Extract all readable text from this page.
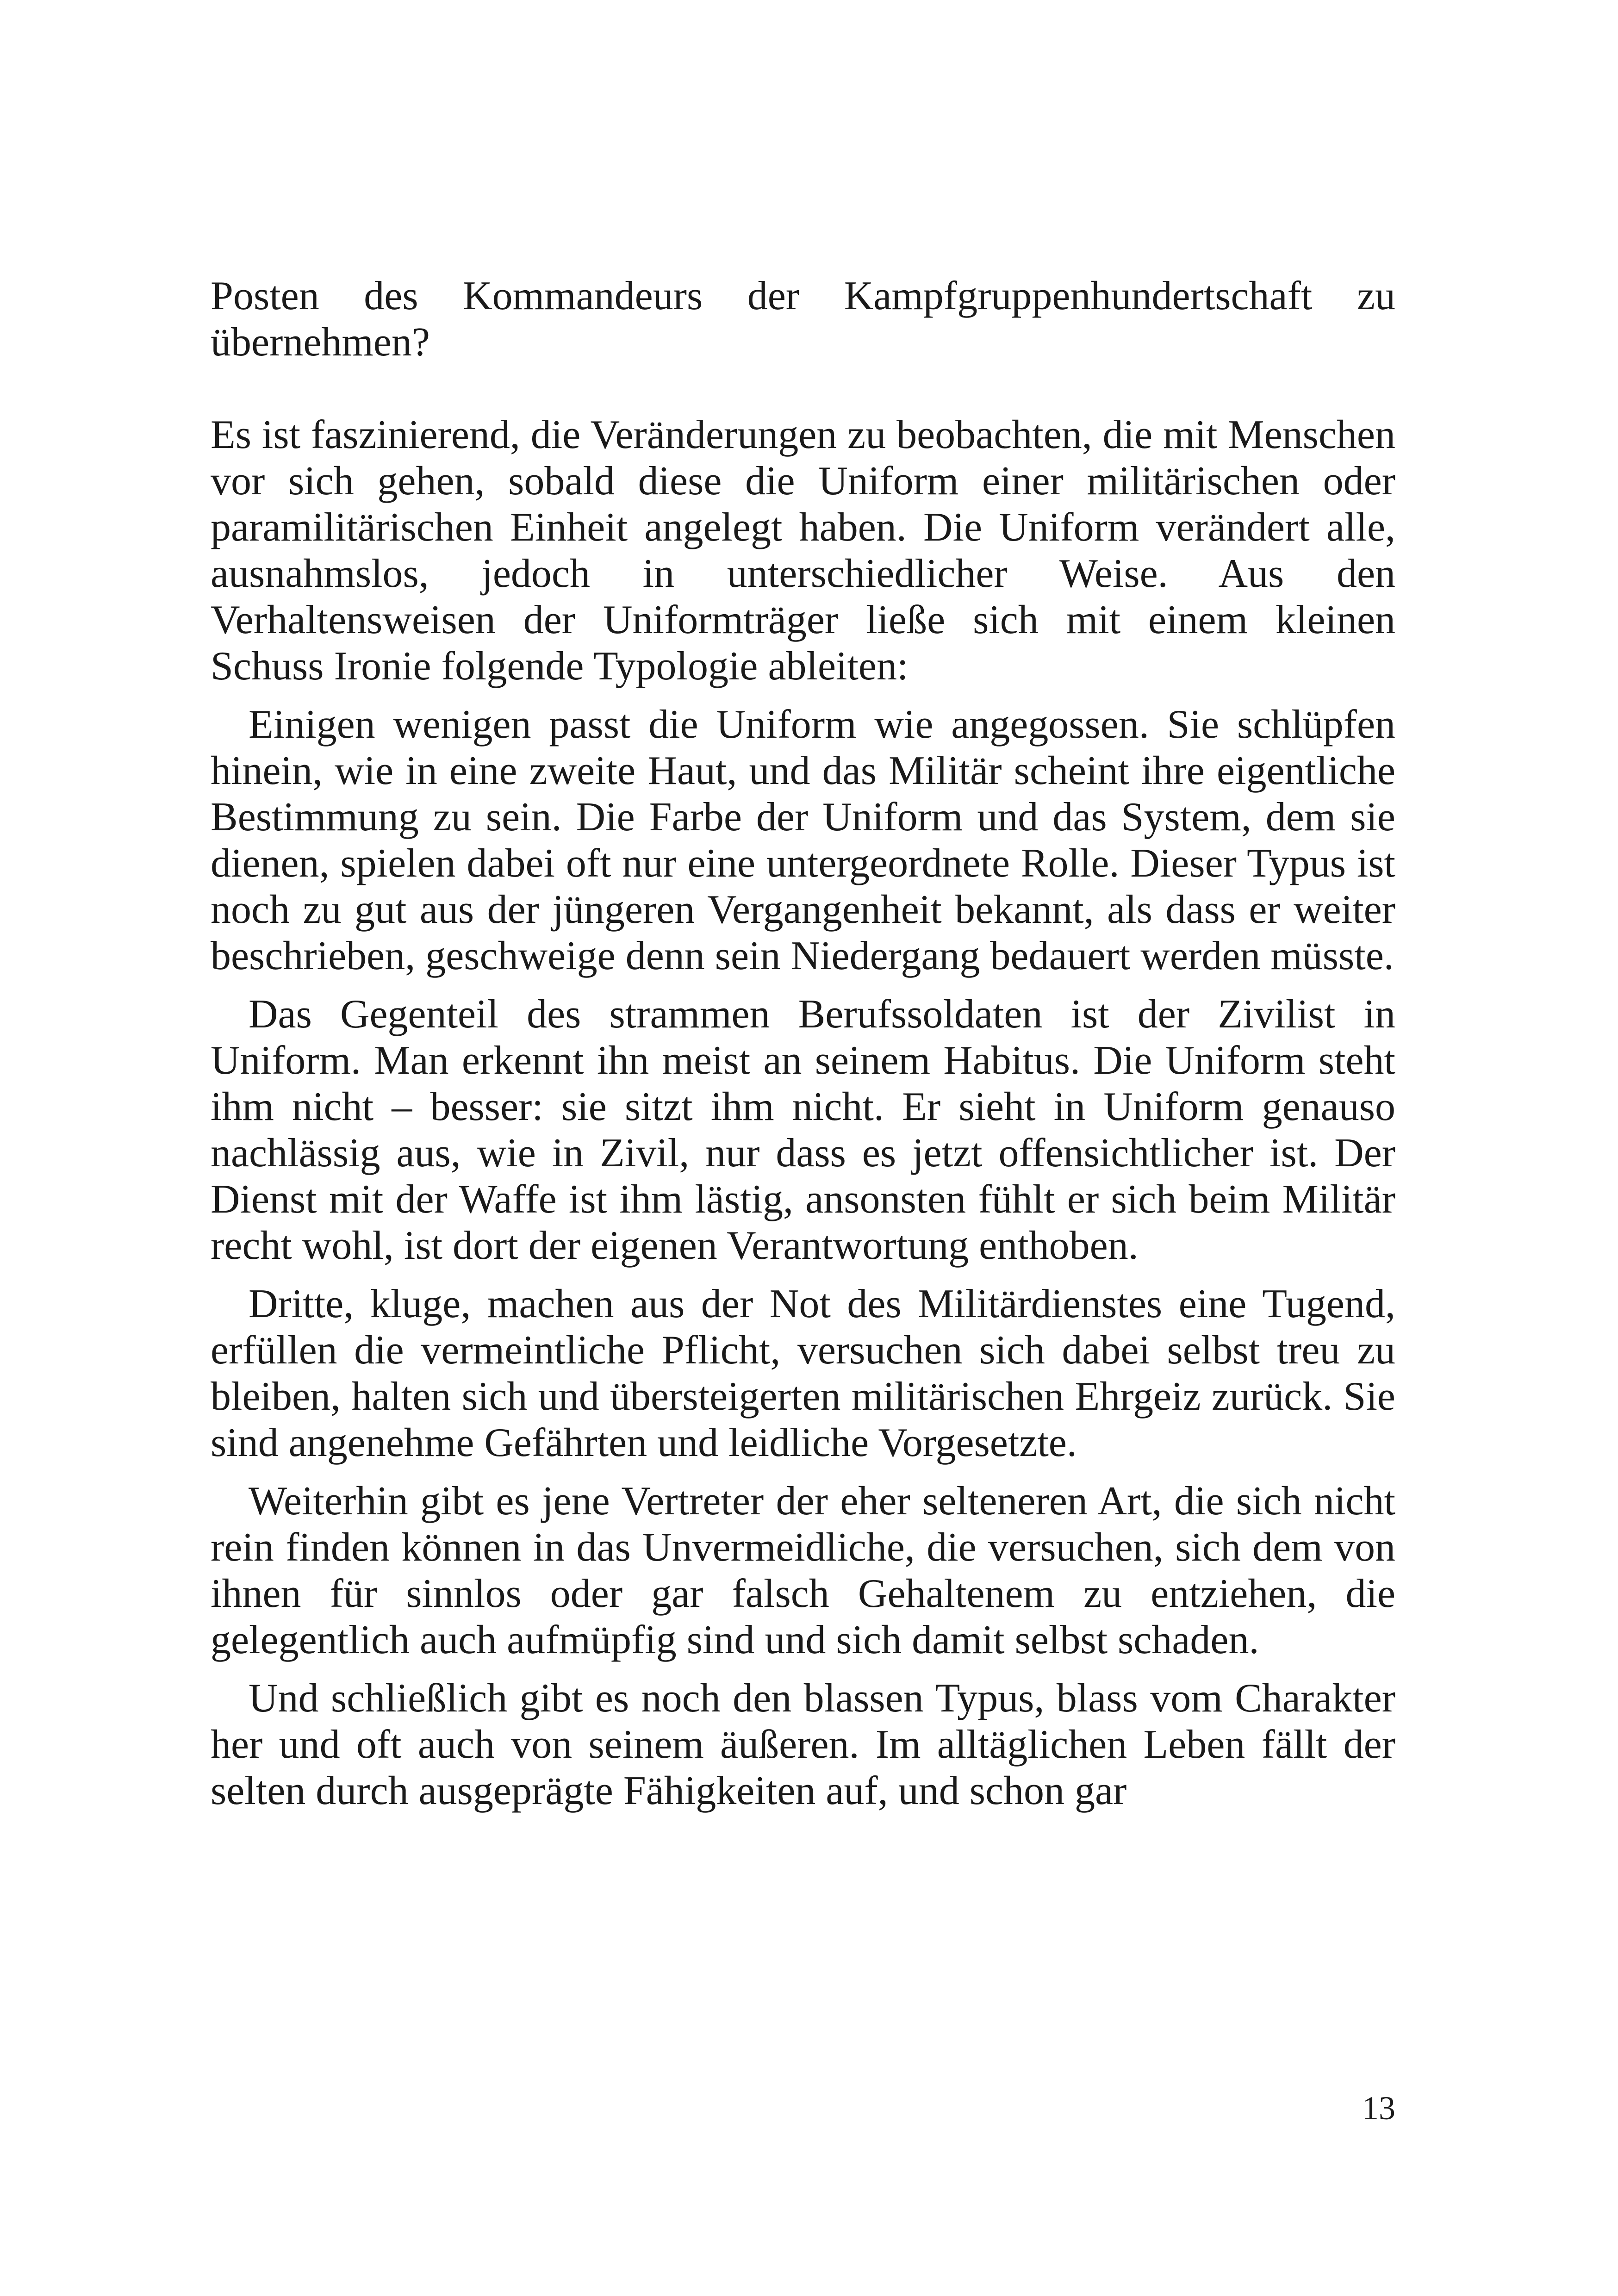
Posten des Kommandeurs der Kampfgruppenhundertschaft zu übernehmen?

Es ist faszinierend, die Veränderungen zu beobachten, die mit Menschen vor sich gehen, sobald diese die Uniform einer militärischen oder paramilitärischen Einheit angelegt haben. Die Uniform verändert alle, ausnahmslos, jedoch in unterschiedlicher Weise. Aus den Verhaltensweisen der Uniformträger ließe sich mit einem kleinen Schuss Ironie folgende Typologie ableiten:

Einigen wenigen passt die Uniform wie angegossen. Sie schlüpfen hinein, wie in eine zweite Haut, und das Militär scheint ihre eigentliche Bestimmung zu sein. Die Farbe der Uniform und das System, dem sie dienen, spielen dabei oft nur eine untergeordnete Rolle. Dieser Typus ist noch zu gut aus der jüngeren Vergangenheit bekannt, als dass er weiter beschrieben, geschweige denn sein Niedergang bedauert werden müsste.

Das Gegenteil des strammen Berufssoldaten ist der Zivilist in Uniform. Man erkennt ihn meist an seinem Habitus. Die Uniform steht ihm nicht – besser: sie sitzt ihm nicht. Er sieht in Uniform genauso nachlässig aus, wie in Zivil, nur dass es jetzt offensichtlicher ist. Der Dienst mit der Waffe ist ihm lästig, ansonsten fühlt er sich beim Militär recht wohl, ist dort der eigenen Verantwortung enthoben.

Dritte, kluge, machen aus der Not des Militärdienstes eine Tugend, erfüllen die vermeintliche Pflicht, versuchen sich dabei selbst treu zu bleiben, halten sich und übersteigerten militärischen Ehrgeiz zurück. Sie sind angenehme Gefährten und leidliche Vorgesetzte.

Weiterhin gibt es jene Vertreter der eher selteneren Art, die sich nicht rein finden können in das Unvermeidliche, die versuchen, sich dem von ihnen für sinnlos oder gar falsch Gehaltenem zu entziehen, die gelegentlich auch aufmüpfig sind und sich damit selbst schaden.

Und schließlich gibt es noch den blassen Typus, blass vom Charakter her und oft auch von seinem äußeren. Im alltäglichen Leben fällt der selten durch ausgeprägte Fähigkeiten auf, und schon gar

13
